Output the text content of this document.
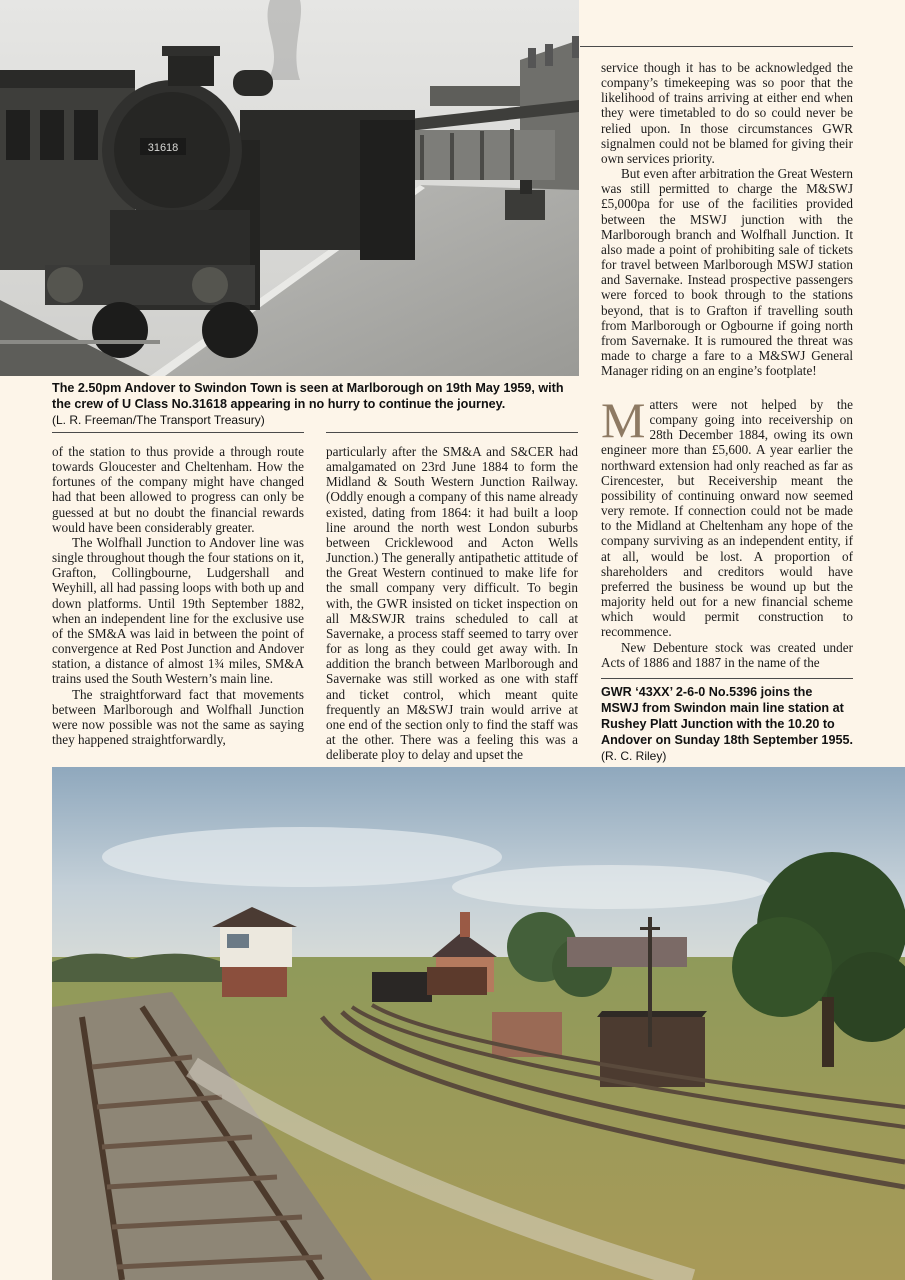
31618
The 2.50pm Andover to Swindon Town is seen at Marlborough on 19th May 1959, with the crew of U Class No.31618 appearing in no hurry to continue the journey.
(L. R. Freeman/The Transport Treasury)

of the station to thus provide a through route towards Gloucester and Cheltenham. How the fortunes of the company might have changed had that been allowed to progress can only be guessed at but no doubt the financial rewards would have been considerably greater.

The Wolfhall Junction to Andover line was single throughout though the four stations on it, Grafton, Collingbourne, Ludgershall and Weyhill, all had passing loops with both up and down platforms. Until 19th September 1882, when an independent line for the exclusive use of the SM&A was laid in between the point of convergence at Red Post Junction and Andover station, a distance of almost 1¾ miles, SM&A trains used the South Western’s main line.

The straightforward fact that movements between Marlborough and Wolfhall Junction were now possible was not the same as saying they happened straightforwardly,

particularly after the SM&A and S&CER had amalgamated on 23rd June 1884 to form the Midland & South Western Junction Railway. (Oddly enough a company of this name already existed, dating from 1864: it had built a loop line around the north west London suburbs between Cricklewood and Acton Wells Junction.) The generally antipathetic attitude of the Great Western continued to make life for the small company very difficult. To begin with, the GWR insisted on ticket inspection on all M&SWJR trains scheduled to call at Savernake, a process staff seemed to tarry over for as long as they could get away with. In addition the branch between Marlborough and Savernake was still worked as one with staff and ticket control, which meant quite frequently an M&SWJ train would arrive at one end of the section only to find the staff was at the other. There was a feeling this was a deliberate ploy to delay and upset the

service though it has to be acknowledged the company’s timekeeping was so poor that the likelihood of trains arriving at either end when they were timetabled to do so could never be relied upon. In those circumstances GWR signalmen could not be blamed for giving their own services priority.

But even after arbitration the Great Western was still permitted to charge the M&SWJ £5,000pa for use of the facilities provided between the MSWJ junction with the Marlborough branch and Wolfhall Junction. It also made a point of prohibiting sale of tickets for travel between Marlborough MSWJ station and Savernake. Instead prospective passengers were forced to book through to the stations beyond, that is to Grafton if travelling south from Marlborough or Ogbourne if going north from Savernake. It is rumoured the threat was made to charge a fare to a M&SWJ General Manager riding on an engine’s footplate!

Matters were not helped by the company going into receivership on 28th December 1884, owing its own engineer more than £5,600. A year earlier the northward extension had only reached as far as Cirencester, but Receivership meant the possibility of continuing onward now seemed very remote. If connection could not be made to the Midland at Cheltenham any hope of the company surviving as an independent entity, if at all, would be lost. A proportion of shareholders and creditors would have preferred the business be wound up but the majority held out for a new financial scheme which would permit construction to recommence.

New Debenture stock was created under Acts of 1886 and 1887 in the name of the

GWR ‘43XX’ 2-6-0 No.5396 joins the MSWJ from Swindon main line station at Rushey Platt Junction with the 10.20 to Andover on Sunday 18th September 1955. (R. C. Riley)
